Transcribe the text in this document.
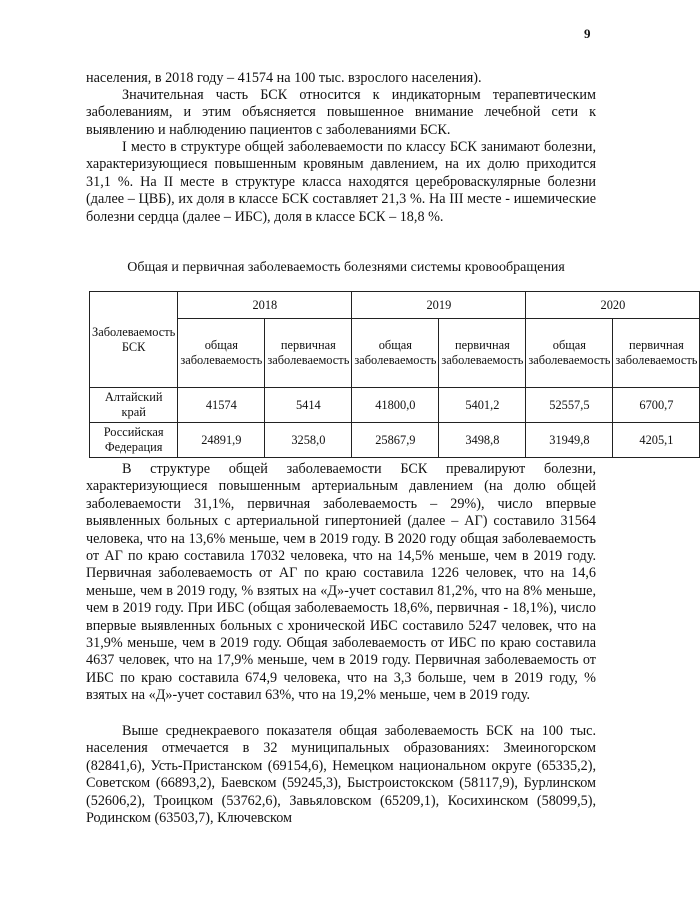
9

населения, в 2018 году – 41574 на 100 тыс. взрослого населения).

Значительная часть БСК относится к индикаторным терапевтическим заболеваниям, и этим объясняется повышенное внимание лечебной сети к выявлению и наблюдению пациентов с заболеваниями БСК.

I место в структуре общей заболеваемости по классу БСК занимают болезни, характеризующиеся повышенным кровяным давлением, на их долю приходится 31,1 %. На II месте в структуре класса находятся цереброваскулярные болезни (далее – ЦВБ), их доля в классе БСК составляет 21,3 %. На III месте - ишемические болезни сердца (далее – ИБС), доля в классе БСК – 18,8 %.

Общая и первичная заболеваемость болезнями системы кровообращения

Заболеваемость БСК	2018		2019		2020	
	общая заболеваемость	первичная заболеваемость	общая заболеваемость	первичная заболеваемость	общая заболеваемость	первичная заболеваемость
Алтайский край	41574	5414	41800,0	5401,2	52557,5	6700,7
Российская Федерация	24891,9	3258,0	25867,9	3498,8	31949,8	4205,1

В структуре общей заболеваемости БСК превалируют болезни, характеризующиеся повышенным артериальным давлением (на долю общей заболеваемости 31,1%, первичная заболеваемость – 29%), число впервые выявленных больных с артериальной гипертонией (далее – АГ) составило 31564 человека, что на 13,6% меньше, чем в 2019 году. В 2020 году общая заболеваемость от АГ по краю составила 17032 человека, что на 14,5% меньше, чем в 2019 году. Первичная заболеваемость от АГ по краю составила 1226 человек, что на 14,6 меньше, чем в 2019 году, % взятых на «Д»-учет составил 81,2%, что на 8% меньше, чем в 2019 году. При ИБС (общая заболеваемость 18,6%, первичная - 18,1%), число впервые выявленных больных с хронической ИБС составило 5247 человек, что на 31,9% меньше, чем в 2019 году. Общая заболеваемость от ИБС по краю составила 4637 человек, что на 17,9% меньше, чем в 2019 году. Первичная заболеваемость от ИБС по краю составила 674,9 человека, что на 3,3 больше, чем в 2019 году, % взятых на «Д»-учет составил 63%, что на 19,2% меньше, чем в 2019 году.

Выше среднекраевого показателя общая заболеваемость БСК на 100 тыс. населения отмечается в 32 муниципальных образованиях: Змеиногорском (82841,6), Усть-Пристанском (69154,6), Немецком национальном округе (65335,2), Советском (66893,2), Баевском (59245,3), Быстроистокском (58117,9), Бурлинском (52606,2), Троицком (53762,6), Завьяловском (65209,1), Косихинском (58099,5), Родинском (63503,7), Ключевском
